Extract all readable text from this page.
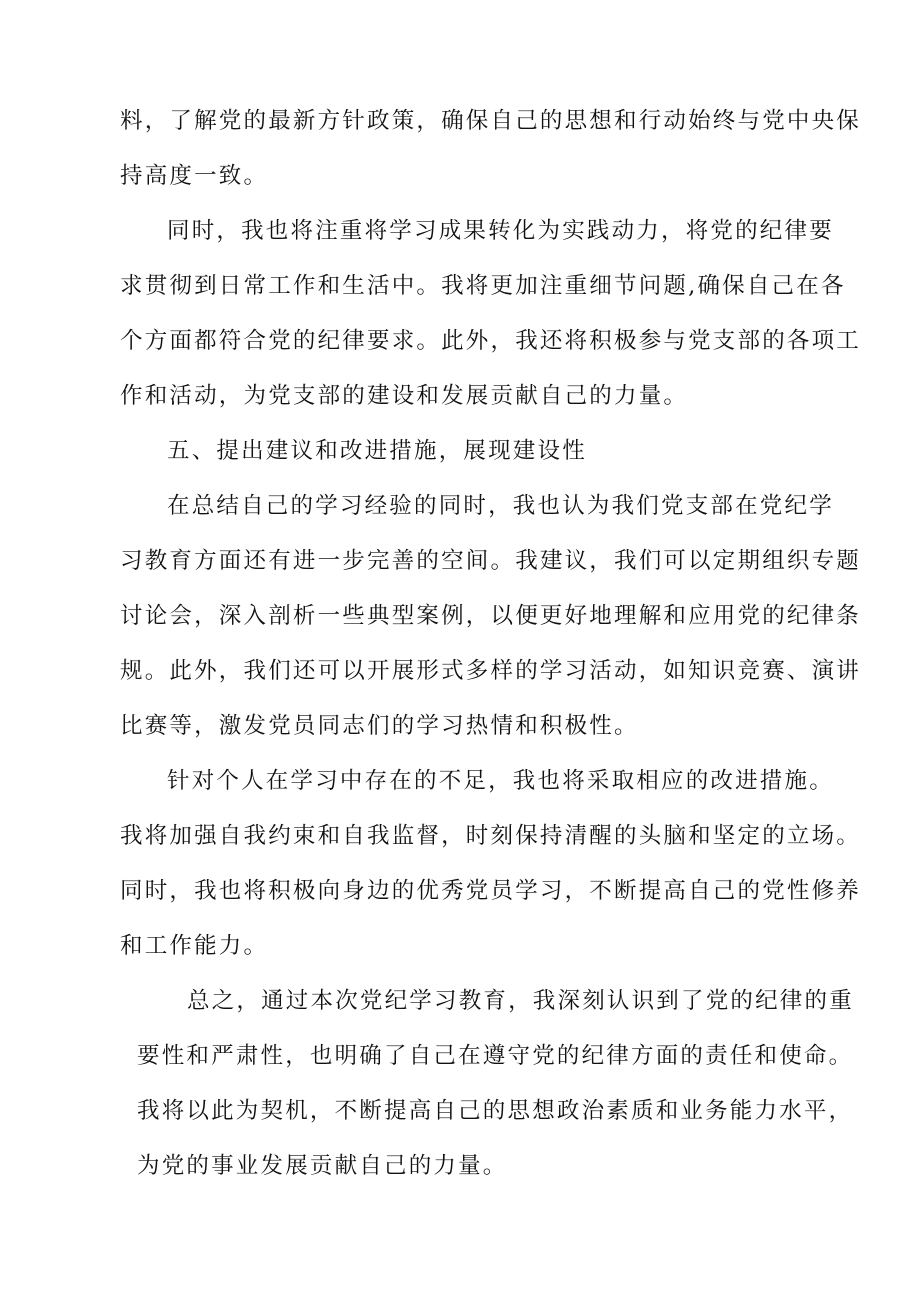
料，了解党的最新方针政策，确保自己的思想和行动始终与党中央保
持高度一致。
同时，我也将注重将学习成果转化为实践动力，将党的纪律要
求贯彻到日常工作和生活中。我将更加注重细节问题,确保自己在各
个方面都符合党的纪律要求。此外，我还将积极参与党支部的各项工
作和活动，为党支部的建设和发展贡献自己的力量。
五、提出建议和改进措施，展现建设性
在总结自己的学习经验的同时，我也认为我们党支部在党纪学
习教育方面还有进一步完善的空间。我建议，我们可以定期组织专题
讨论会，深入剖析一些典型案例，以便更好地理解和应用党的纪律条
规。此外，我们还可以开展形式多样的学习活动，如知识竞赛、演讲
比赛等，激发党员同志们的学习热情和积极性。
针对个人在学习中存在的不足，我也将采取相应的改进措施。
我将加强自我约束和自我监督，时刻保持清醒的头脑和坚定的立场。
同时，我也将积极向身边的优秀党员学习，不断提高自己的党性修养
和工作能力。
总之，通过本次党纪学习教育，我深刻认识到了党的纪律的重
要性和严肃性，也明确了自己在遵守党的纪律方面的责任和使命。
我将以此为契机，不断提高自己的思想政治素质和业务能力水平，
为党的事业发展贡献自己的力量。
